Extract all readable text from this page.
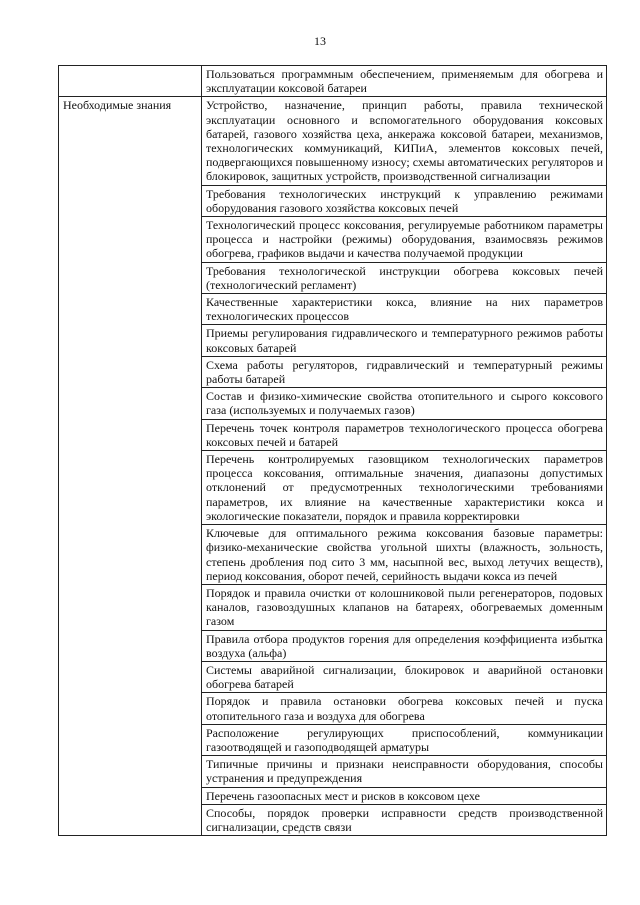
13
	Пользоваться программным обеспечением, применяемым для обогрева и эксплуатации коксовой батареи
Необходимые знания	Устройство, назначение, принцип работы, правила технической эксплуатации основного и вспомогательного оборудования коксовых батарей, газового хозяйства цеха, анкеража коксовой батареи, механизмов, технологических коммуникаций, КИПиА, элементов коксовых печей, подвергающихся повышенному износу; схемы автоматических регуляторов и блокировок, защитных устройств, производственной сигнализации
	Требования технологических инструкций к управлению режимами оборудования газового хозяйства коксовых печей
	Технологический процесс коксования, регулируемые работником параметры процесса и настройки (режимы) оборудования, взаимосвязь режимов обогрева, графиков выдачи и качества получаемой продукции
	Требования технологической инструкции обогрева коксовых печей (технологический регламент)
	Качественные характеристики кокса, влияние на них параметров технологических процессов
	Приемы регулирования гидравлического и температурного режимов работы коксовых батарей
	Схема работы регуляторов, гидравлический и температурный режимы работы батарей
	Состав и физико-химические свойства отопительного и сырого коксового газа (используемых и получаемых газов)
	Перечень точек контроля параметров технологического процесса обогрева коксовых печей и батарей
	Перечень контролируемых газовщиком технологических параметров процесса коксования, оптимальные значения, диапазоны допустимых отклонений от предусмотренных технологическими требованиями параметров, их влияние на качественные характеристики кокса и экологические показатели, порядок и правила корректировки
	Ключевые для оптимального режима коксования базовые параметры: физико-механические свойства угольной шихты (влажность, зольность, степень дробления под сито 3 мм, насыпной вес, выход летучих веществ), период коксования, оборот печей, серийность выдачи кокса из печей
	Порядок и правила очистки от колошниковой пыли регенераторов, подовых каналов, газовоздушных клапанов на батареях, обогреваемых доменным газом
	Правила отбора продуктов горения для определения коэффициента избытка воздуха (альфа)
	Системы аварийной сигнализации, блокировок и аварийной остановки обогрева батарей
	Порядок и правила остановки обогрева коксовых печей и пуска отопительного газа и воздуха для обогрева
	Расположение регулирующих приспособлений, коммуникации газоотводящей и газоподводящей арматуры
	Типичные причины и признаки неисправности оборудования, способы устранения и предупреждения
	Перечень газоопасных мест и рисков в коксовом цехе
	Способы, порядок проверки исправности средств производственной сигнализации, средств связи
